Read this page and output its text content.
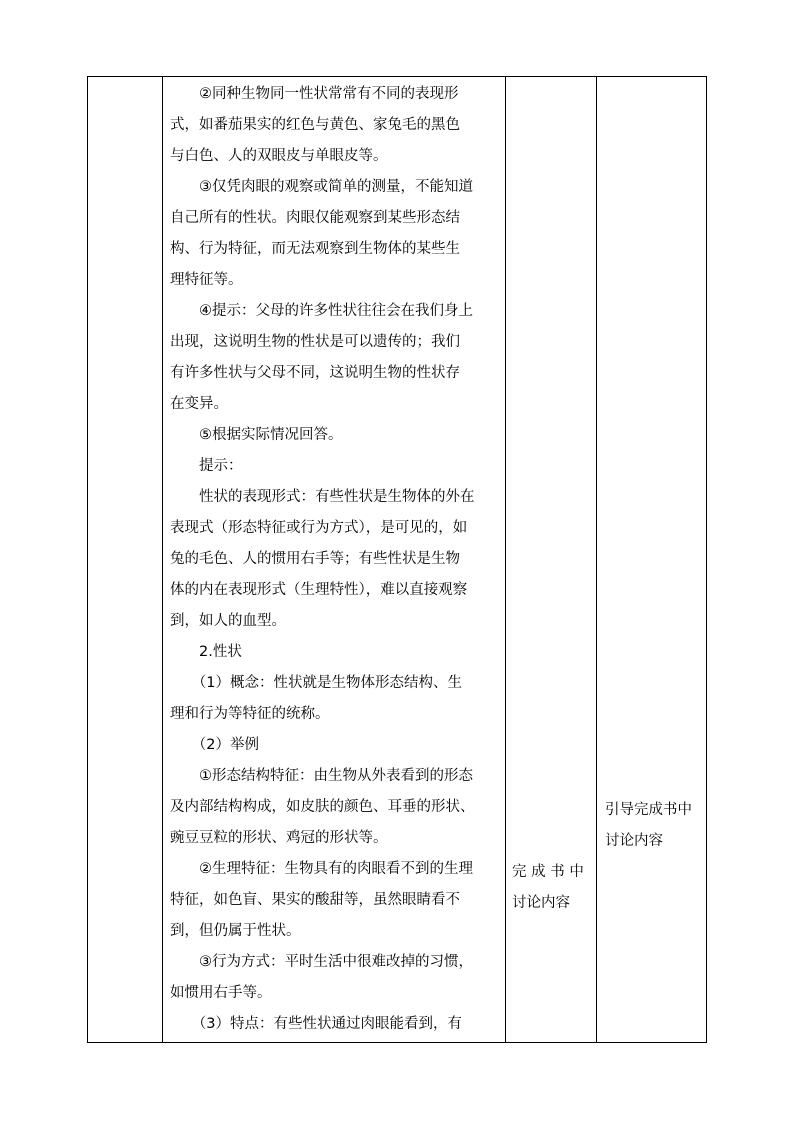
　　②同种生物同一性状常常有不同的表现形
式，如番茄果实的红色与黄色、家兔毛的黑色
与白色、人的双眼皮与单眼皮等。
　　③仅凭肉眼的观察或简单的测量，不能知道
自己所有的性状。肉眼仅能观察到某些形态结
构、行为特征，而无法观察到生物体的某些生
理特征等。
　　④提示：父母的许多性状往往会在我们身上
出现，这说明生物的性状是可以遗传的；我们
有许多性状与父母不同，这说明生物的性状存
在变异。
　　⑤根据实际情况回答。
　　提示：
　　性状的表现形式：有些性状是生物体的外在
表现式（形态特征或行为方式），是可见的，如
兔的毛色、人的惯用右手等；有些性状是生物
体的内在表现形式（生理特性），难以直接观察
到，如人的血型。
　　2.性状
　　（1）概念：性状就是生物体形态结构、生
理和行为等特征的统称。
　　（2）举例
　　①形态结构特征：由生物从外表看到的形态
及内部结构构成，如皮肤的颜色、耳垂的形状、
豌豆豆粒的形状、鸡冠的形状等。
　　②生理特征：生物具有的肉眼看不到的生理
特征，如色盲、果实的酸甜等，虽然眼睛看不
到，但仍属于性状。
　　③行为方式：平时生活中很难改掉的习惯，
如惯用右手等。
　　（3）特点：有些性状通过肉眼能看到，有
完 成 书 中
讨论内容
引导完成书中
讨论内容
